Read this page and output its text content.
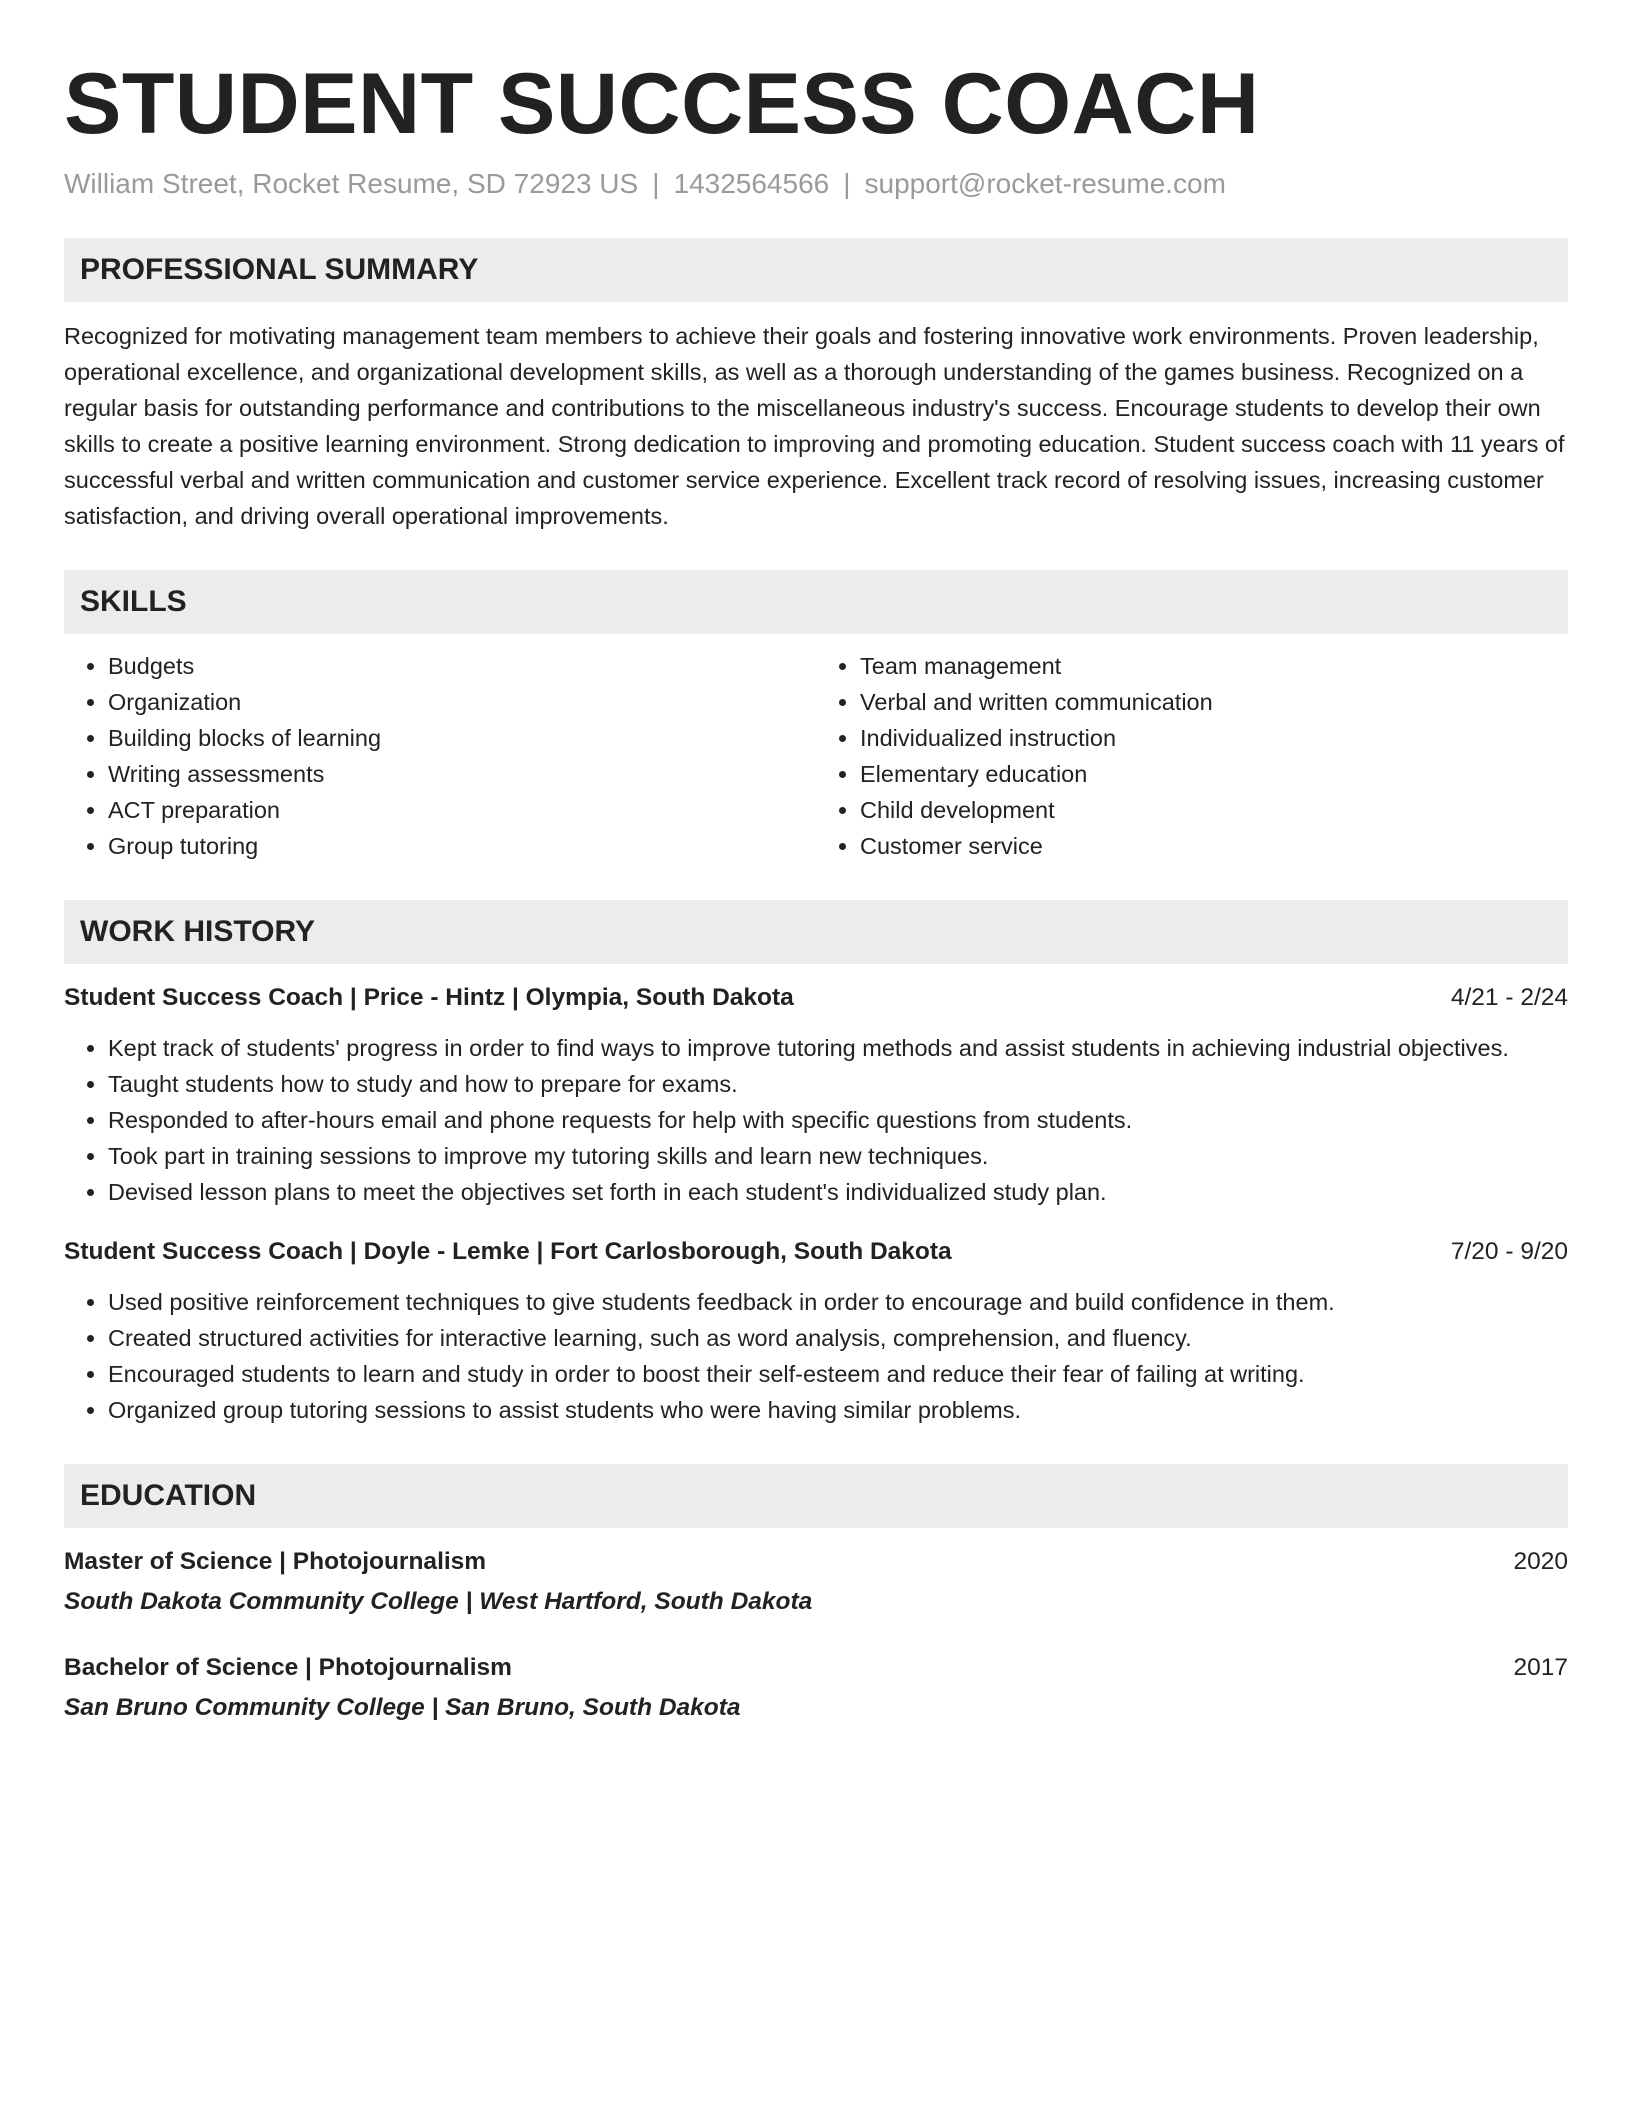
STUDENT SUCCESS COACH
William Street, Rocket Resume, SD 72923 US | 1432564566 | support@rocket-resume.com
PROFESSIONAL SUMMARY
Recognized for motivating management team members to achieve their goals and fostering innovative work environments. Proven leadership, operational excellence, and organizational development skills, as well as a thorough understanding of the games business. Recognized on a regular basis for outstanding performance and contributions to the miscellaneous industry's success. Encourage students to develop their own skills to create a positive learning environment. Strong dedication to improving and promoting education. Student success coach with 11 years of successful verbal and written communication and customer service experience. Excellent track record of resolving issues, increasing customer satisfaction, and driving overall operational improvements.
SKILLS
• Budgets
• Organization
• Building blocks of learning
• Writing assessments
• ACT preparation
• Group tutoring
• Team management
• Verbal and written communication
• Individualized instruction
• Elementary education
• Child development
• Customer service
WORK HISTORY
Student Success Coach | Price - Hintz | Olympia, South Dakota	4/21 - 2/24
• Kept track of students' progress in order to find ways to improve tutoring methods and assist students in achieving industrial objectives.
• Taught students how to study and how to prepare for exams.
• Responded to after-hours email and phone requests for help with specific questions from students.
• Took part in training sessions to improve my tutoring skills and learn new techniques.
• Devised lesson plans to meet the objectives set forth in each student's individualized study plan.
Student Success Coach | Doyle - Lemke | Fort Carlosborough, South Dakota	7/20 - 9/20
• Used positive reinforcement techniques to give students feedback in order to encourage and build confidence in them.
• Created structured activities for interactive learning, such as word analysis, comprehension, and fluency.
• Encouraged students to learn and study in order to boost their self-esteem and reduce their fear of failing at writing.
• Organized group tutoring sessions to assist students who were having similar problems.
EDUCATION
Master of Science | Photojournalism	2020
South Dakota Community College | West Hartford, South Dakota
Bachelor of Science | Photojournalism	2017
San Bruno Community College | San Bruno, South Dakota
